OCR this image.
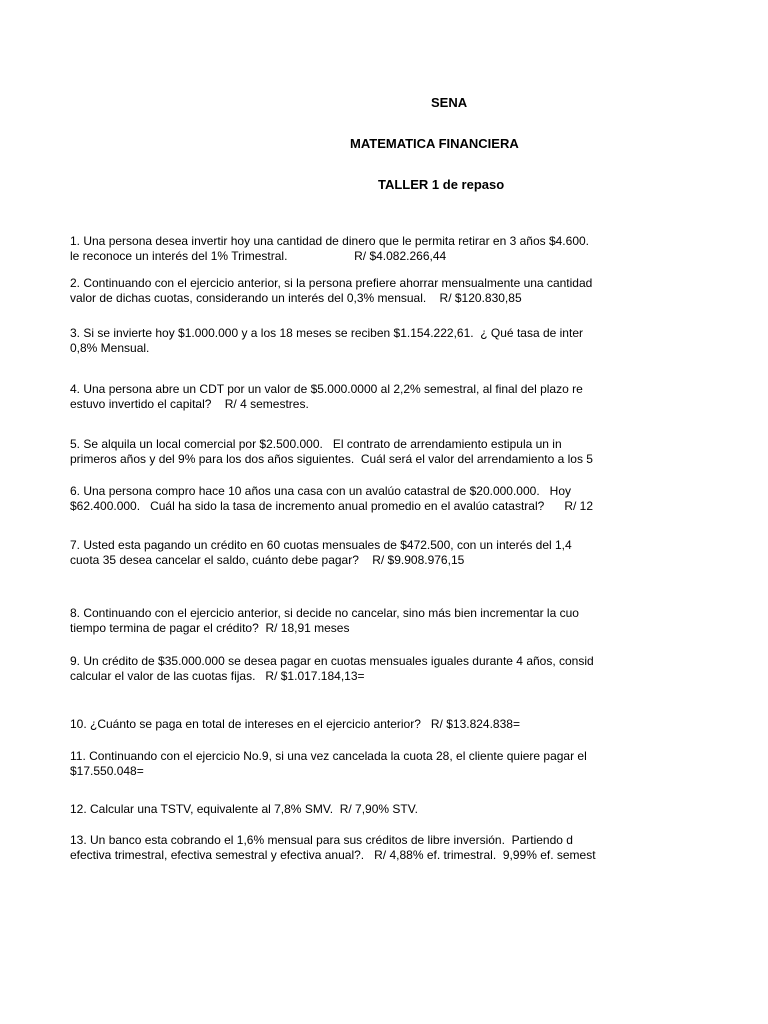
SENA
MATEMATICA FINANCIERA
TALLER 1 de repaso
1. Una persona desea invertir hoy una cantidad de dinero que le permita retirar en 3 años $4.600.
le reconoce un interés del 1% Trimestral.                    R/ $4.082.266,44
2. Continuando con el ejercicio anterior, si la persona prefiere ahorrar mensualmente una cantidad
valor de dichas cuotas, considerando un interés del 0,3% mensual.    R/ $120.830,85
3. Si se invierte hoy $1.000.000 y a los 18 meses se reciben $1.154.222,61.  ¿ Qué tasa de inter
0,8% Mensual.
4. Una persona abre un CDT por un valor de $5.000.0000 al 2,2% semestral, al final del plazo re
estuvo invertido el capital?    R/ 4 semestres.
5. Se alquila un local comercial por $2.500.000.   El contrato de arrendamiento estipula un in
primeros años y del 9% para los dos años siguientes.  Cuál será el valor del arrendamiento a los 5
6. Una persona compro hace 10 años una casa con un avalúo catastral de $20.000.000.   Hoy
$62.400.000.   Cuál ha sido la tasa de incremento anual promedio en el avalúo catastral?      R/ 12
7. Usted esta pagando un crédito en 60 cuotas mensuales de $472.500, con un interés del 1,4
cuota 35 desea cancelar el saldo, cuánto debe pagar?    R/ $9.908.976,15
8. Continuando con el ejercicio anterior, si decide no cancelar, sino más bien incrementar la cuo
tiempo termina de pagar el crédito?  R/ 18,91 meses
9. Un crédito de $35.000.000 se desea pagar en cuotas mensuales iguales durante 4 años, consid
calcular el valor de las cuotas fijas.   R/ $1.017.184,13=
10. ¿Cuánto se paga en total de intereses en el ejercicio anterior?   R/ $13.824.838=
11. Continuando con el ejercicio No.9, si una vez cancelada la cuota 28, el cliente quiere pagar el
$17.550.048=
12. Calcular una TSTV, equivalente al 7,8% SMV.  R/ 7,90% STV.
13. Un banco esta cobrando el 1,6% mensual para sus créditos de libre inversión.  Partiendo d
efectiva trimestral, efectiva semestral y efectiva anual?.   R/ 4,88% ef. trimestral.  9,99% ef. semest
